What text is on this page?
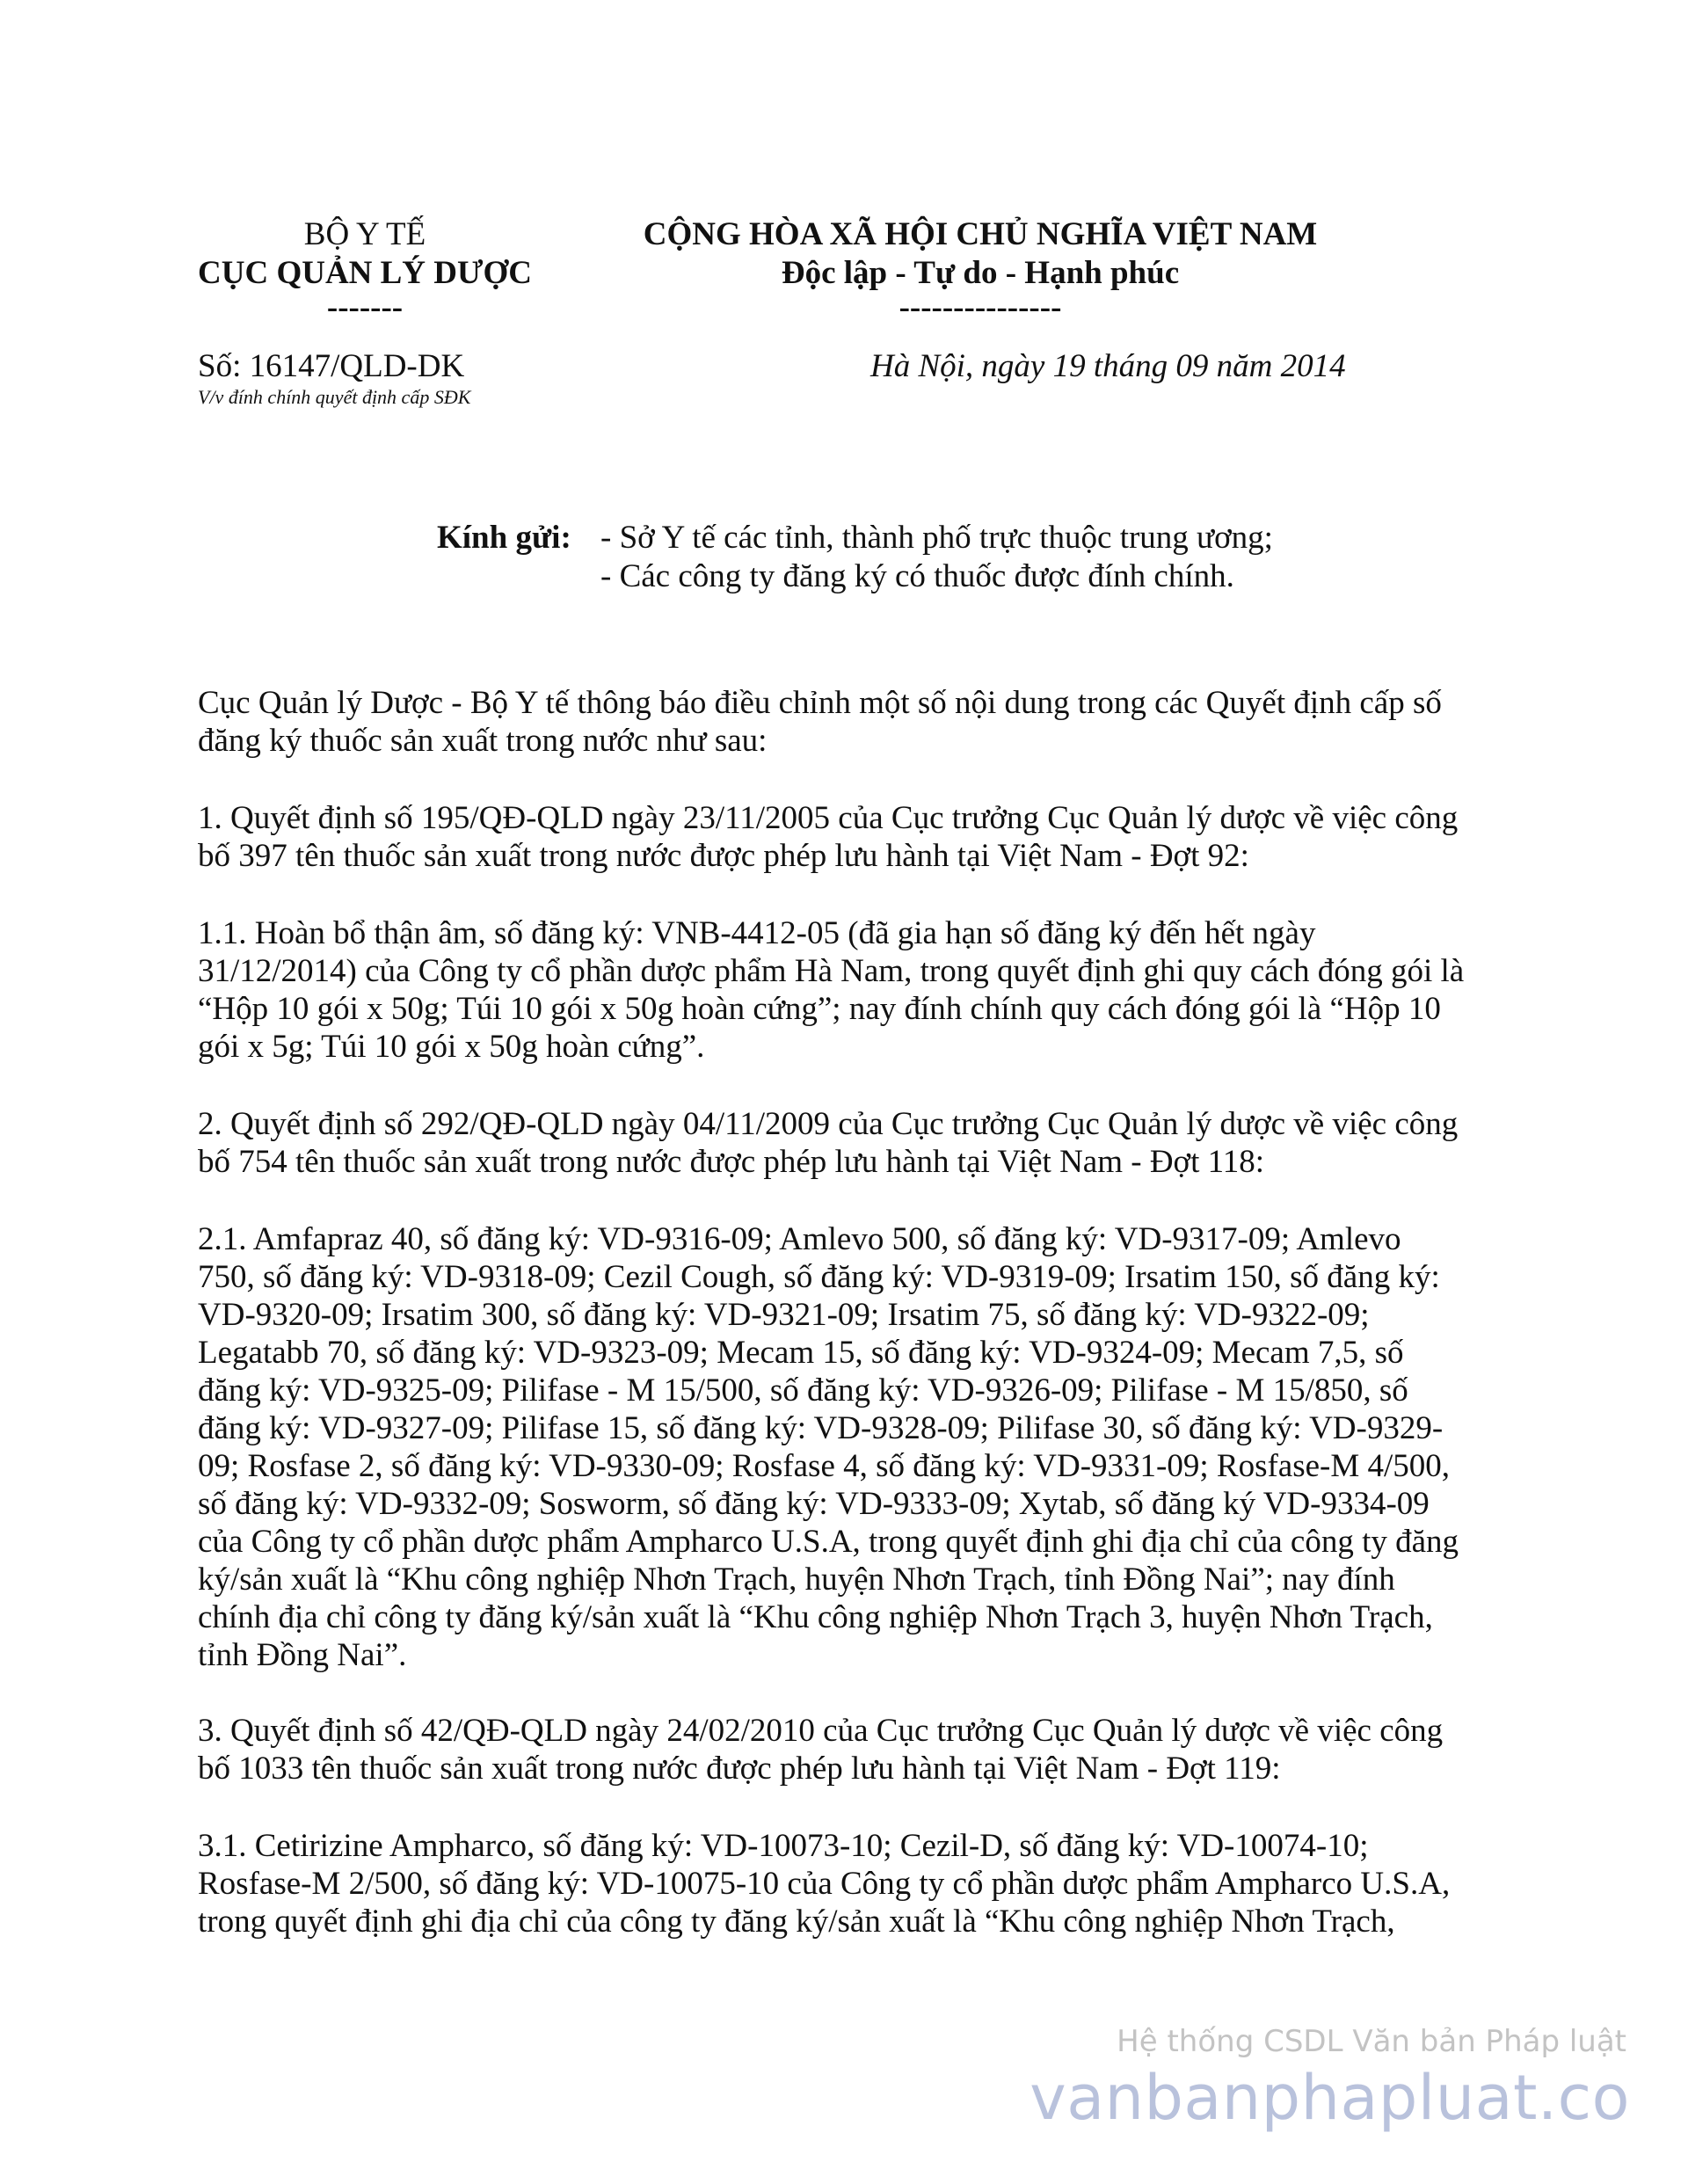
BỘ Y TẾ
CỤC QUẢN LÝ DƯỢC
-------
CỘNG HÒA XÃ HỘI CHỦ NGHĨA VIỆT NAM
Độc lập - Tự do - Hạnh phúc
---------------
Số: 16147/QLD-DK
V/v đính chính quyết định cấp SĐK
Hà Nội, ngày 19 tháng 09 năm 2014
Kính gửi: - Sở Y tế các tỉnh, thành phố trực thuộc trung ương;
- Các công ty đăng ký có thuốc được đính chính.
Cục Quản lý Dược - Bộ Y tế thông báo điều chỉnh một số nội dung trong các Quyết định cấp số
đăng ký thuốc sản xuất trong nước như sau:
1. Quyết định số 195/QĐ-QLD ngày 23/11/2005 của Cục trưởng Cục Quản lý dược về việc công
bố 397 tên thuốc sản xuất trong nước được phép lưu hành tại Việt Nam - Đợt 92:
1.1. Hoàn bổ thận âm, số đăng ký: VNB-4412-05 (đã gia hạn số đăng ký đến hết ngày
31/12/2014) của Công ty cổ phần dược phẩm Hà Nam, trong quyết định ghi quy cách đóng gói là
“Hộp 10 gói x 50g; Túi 10 gói x 50g hoàn cứng”; nay đính chính quy cách đóng gói là “Hộp 10
gói x 5g; Túi 10 gói x 50g hoàn cứng”.
2. Quyết định số 292/QĐ-QLD ngày 04/11/2009 của Cục trưởng Cục Quản lý dược về việc công
bố 754 tên thuốc sản xuất trong nước được phép lưu hành tại Việt Nam - Đợt 118:
2.1. Amfapraz 40, số đăng ký: VD-9316-09; Amlevo 500, số đăng ký: VD-9317-09; Amlevo
750, số đăng ký: VD-9318-09; Cezil Cough, số đăng ký: VD-9319-09; Irsatim 150, số đăng ký:
VD-9320-09; Irsatim 300, số đăng ký: VD-9321-09; Irsatim 75, số đăng ký: VD-9322-09;
Legatabb 70, số đăng ký: VD-9323-09; Mecam 15, số đăng ký: VD-9324-09; Mecam 7,5, số
đăng ký: VD-9325-09; Pilifase - M 15/500, số đăng ký: VD-9326-09; Pilifase - M 15/850, số
đăng ký: VD-9327-09; Pilifase 15, số đăng ký: VD-9328-09; Pilifase 30, số đăng ký: VD-9329-
09; Rosfase 2, số đăng ký: VD-9330-09; Rosfase 4, số đăng ký: VD-9331-09; Rosfase-M 4/500,
số đăng ký: VD-9332-09; Sosworm, số đăng ký: VD-9333-09; Xytab, số đăng ký VD-9334-09
của Công ty cổ phần dược phẩm Ampharco U.S.A, trong quyết định ghi địa chỉ của công ty đăng
ký/sản xuất là “Khu công nghiệp Nhơn Trạch, huyện Nhơn Trạch, tỉnh Đồng Nai”; nay đính
chính địa chỉ công ty đăng ký/sản xuất là “Khu công nghiệp Nhơn Trạch 3, huyện Nhơn Trạch,
tỉnh Đồng Nai”.
3. Quyết định số 42/QĐ-QLD ngày 24/02/2010 của Cục trưởng Cục Quản lý dược về việc công
bố 1033 tên thuốc sản xuất trong nước được phép lưu hành tại Việt Nam - Đợt 119:
3.1. Cetirizine Ampharco, số đăng ký: VD-10073-10; Cezil-D, số đăng ký: VD-10074-10;
Rosfase-M 2/500, số đăng ký: VD-10075-10 của Công ty cổ phần dược phẩm Ampharco U.S.A,
trong quyết định ghi địa chỉ của công ty đăng ký/sản xuất là “Khu công nghiệp Nhơn Trạch,
Hệ thống CSDL Văn bản Pháp luật
vanbanphapluat.co
